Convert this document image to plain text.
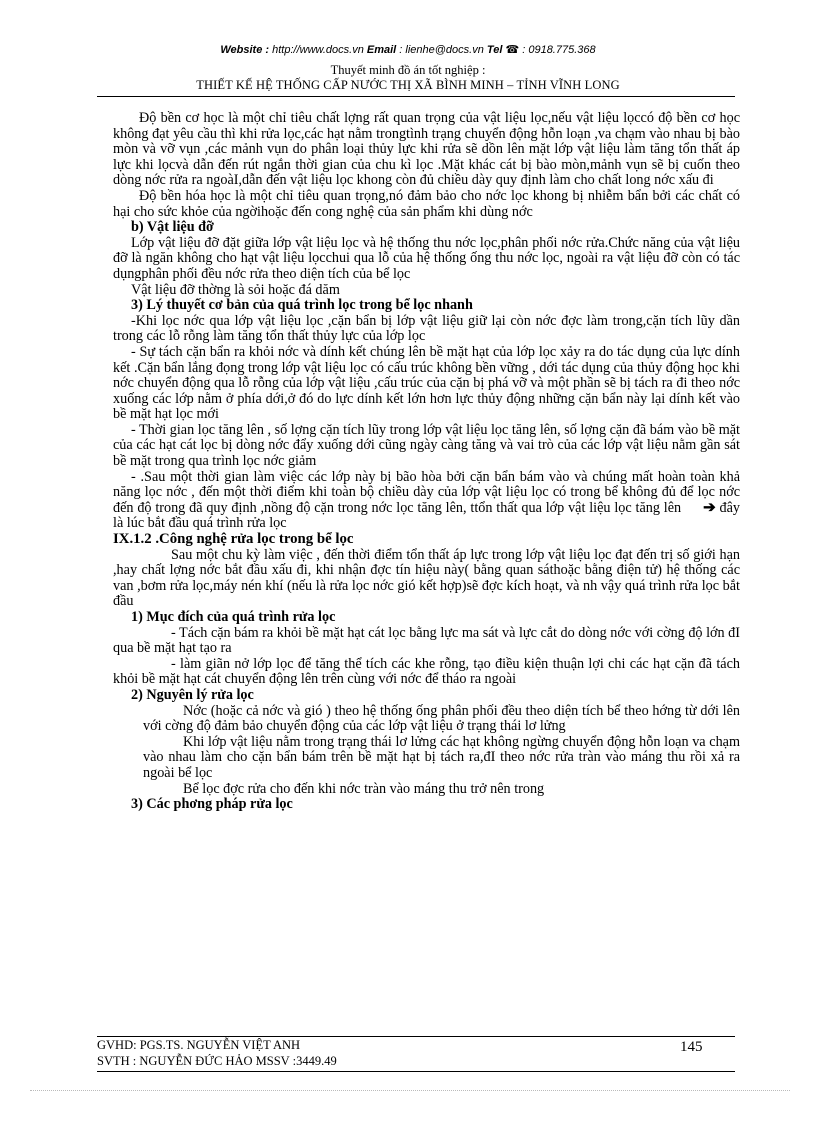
Website : http://www.docs.vn Email : lienhe@docs.vn Tel ☎ : 0918.775.368
Thuyết minh đồ án tốt nghiệp :
THIẾT KẾ HỆ THỐNG CẤP NƯỚC THỊ XÃ BÌNH MINH – TỈNH VĨNH LONG

Độ bền cơ học là một chỉ tiêu chất lợng rất quan trọng của vật liệu lọc,nếu vật liệu lọccó độ bền cơ học không đạt yêu cầu thì khi rửa lọc,các hạt nằm trongtình trạng chuyển động hỗn loạn ,va chạm vào nhau bị bào mòn và vỡ vụn ,các mảnh vụn do phân loại thủy lực khi rửa sẽ dồn lên mặt lớp vật liệu làm tăng tổn thất áp lực khi lọcvà dẫn đến rút ngắn thời gian của chu kì lọc .Mặt khác cát bị bào mòn,mảnh vụn sẽ bị cuốn theo dòng nớc rửa ra ngoàI,dẫn đến vật liệu lọc khong còn đủ chiều dày quy định làm cho chất long nớc xấu đi

Độ bền hóa học là một chỉ tiêu quan trọng,nó đảm bảo cho nớc lọc khong bị nhiễm bẩn bởi các chất có hại cho sức khỏe của ngờihoặc đến cong nghệ của sản phẩm khi dùng nớc

b) Vật liệu đỡ

Lớp vật liệu đỡ đặt giữa lớp vật liệu lọc và hệ thống thu nớc lọc,phân phối nớc rửa.Chức năng của vật liệu đỡ là ngăn không cho hạt vật liệu lọcchui qua lỗ của hệ thống ống thu nớc lọc, ngoài ra vật liệu đỡ còn có tác dụngphân phối đều nớc rửa theo diện tích của bể lọc

Vật liệu đỡ thờng là sỏi hoặc đá dăm

3) Lý thuyết cơ bản của quá trình lọc trong bể lọc nhanh

-Khi lọc nớc qua lớp vật liệu lọc ,cặn bẩn bị lớp vật liệu giữ lại còn nớc đợc làm trong,cặn tích lũy dần trong các lỗ rỗng làm tăng tổn thất thủy lực của lớp lọc

- Sự tách cặn bẩn ra khỏi nớc và dính kết chúng lên bề mặt hạt của lớp lọc xảy ra do tác dụng của lực dính kết .Cặn bẩn lắng đọng trong lớp vật liệu lọc có cấu trúc không bền vững , dới tác dụng của thủy động học khi nớc chuyển động qua lỗ rỗng của lớp vật liệu ,cấu trúc của cặn bị phá vỡ và một phần sẽ bị tách ra đi theo nớc xuống các lớp nằm ở phía dới,ở đó do lực dính kết lớn hơn lực thủy động những cặn bẩn này lại dính kết vào bề mặt hạt lọc mới

- Thời gian lọc tăng lên , số lợng cặn tích lũy trong lớp vật liệu lọc tăng lên, số lợng cặn đã bám vào bề mặt của các hạt cát lọc bị dòng nớc đẩy xuống dới cũng ngày càng tăng và vai trò của các lớp vật liệu nằm gần sát bề mặt trong qua trình lọc nớc giảm

- .Sau một thời gian làm việc các lớp này bị bão hòa bởi cặn bẩn bám vào và chúng mất hoàn toàn khả năng lọc nớc , đến một thời điểm khi toàn bộ chiều dày của lớp vật liệu lọc có trong bể không đủ để lọc nớc đến độ trong đã quy định ,nồng độ cặn trong nớc lọc tăng lên, ttổn thất qua lớp vật liệu lọc tăng lên ➔ đây là lúc bắt đầu quá trình rửa lọc

IX.1.2 .Công nghệ rửa lọc trong bể lọc

Sau một chu kỳ làm việc , đến thời điểm tổn thất áp lực trong lớp vật liệu lọc đạt đến trị số giới hạn ,hay chất lợng nớc bắt đầu xấu đi, khi nhận đợc tín hiệu này( bằng quan sáthoặc bằng điện tử) hệ thống các van ,bơm rửa lọc,máy nén khí (nếu là rửa lọc nớc gió kết hợp)sẽ đợc kích hoạt, và nh vậy quá trình rửa lọc bắt đầu

1) Mục đích của quá trình rửa lọc

- Tách cặn bám ra khỏi bề mặt hạt cát lọc bằng lực ma sát và lực cắt do dòng nớc với cờng độ lớn đI qua bề mặt hạt tạo ra

- làm giãn nở lớp lọc để tăng thể tích các khe rỗng, tạo điều kiện thuận lợi chi các hạt cặn đã tách khỏi bề mặt hạt cát chuyển động lên trên cùng với nớc để tháo ra ngoài

2) Nguyên lý rửa lọc

Nớc (hoặc cả nớc và gió ) theo hệ thống ống phân phối đều theo diện tích bể theo hớng từ dới lên với cờng độ đảm bảo chuyển động của các lớp vật liệu ở trạng thái lơ lửng

Khi lớp vật liệu nằm trong trạng thái lơ lửng các hạt không ngừng chuyển động hỗn loạn va chạm vào nhau làm cho cặn bẩn bám trên bề mặt hạt bị tách ra,đI theo nớc rửa tràn vào máng thu rồi xả ra ngoài bể lọc

Bể lọc đợc rửa cho đến khi nớc tràn vào máng thu trở nên trong

3) Các phơng pháp rửa lọc

GVHD: PGS.TS. NGUYỄN VIỆT ANH
SVTH : NGUYỄN ĐỨC HẢO MSSV :3449.49
145
